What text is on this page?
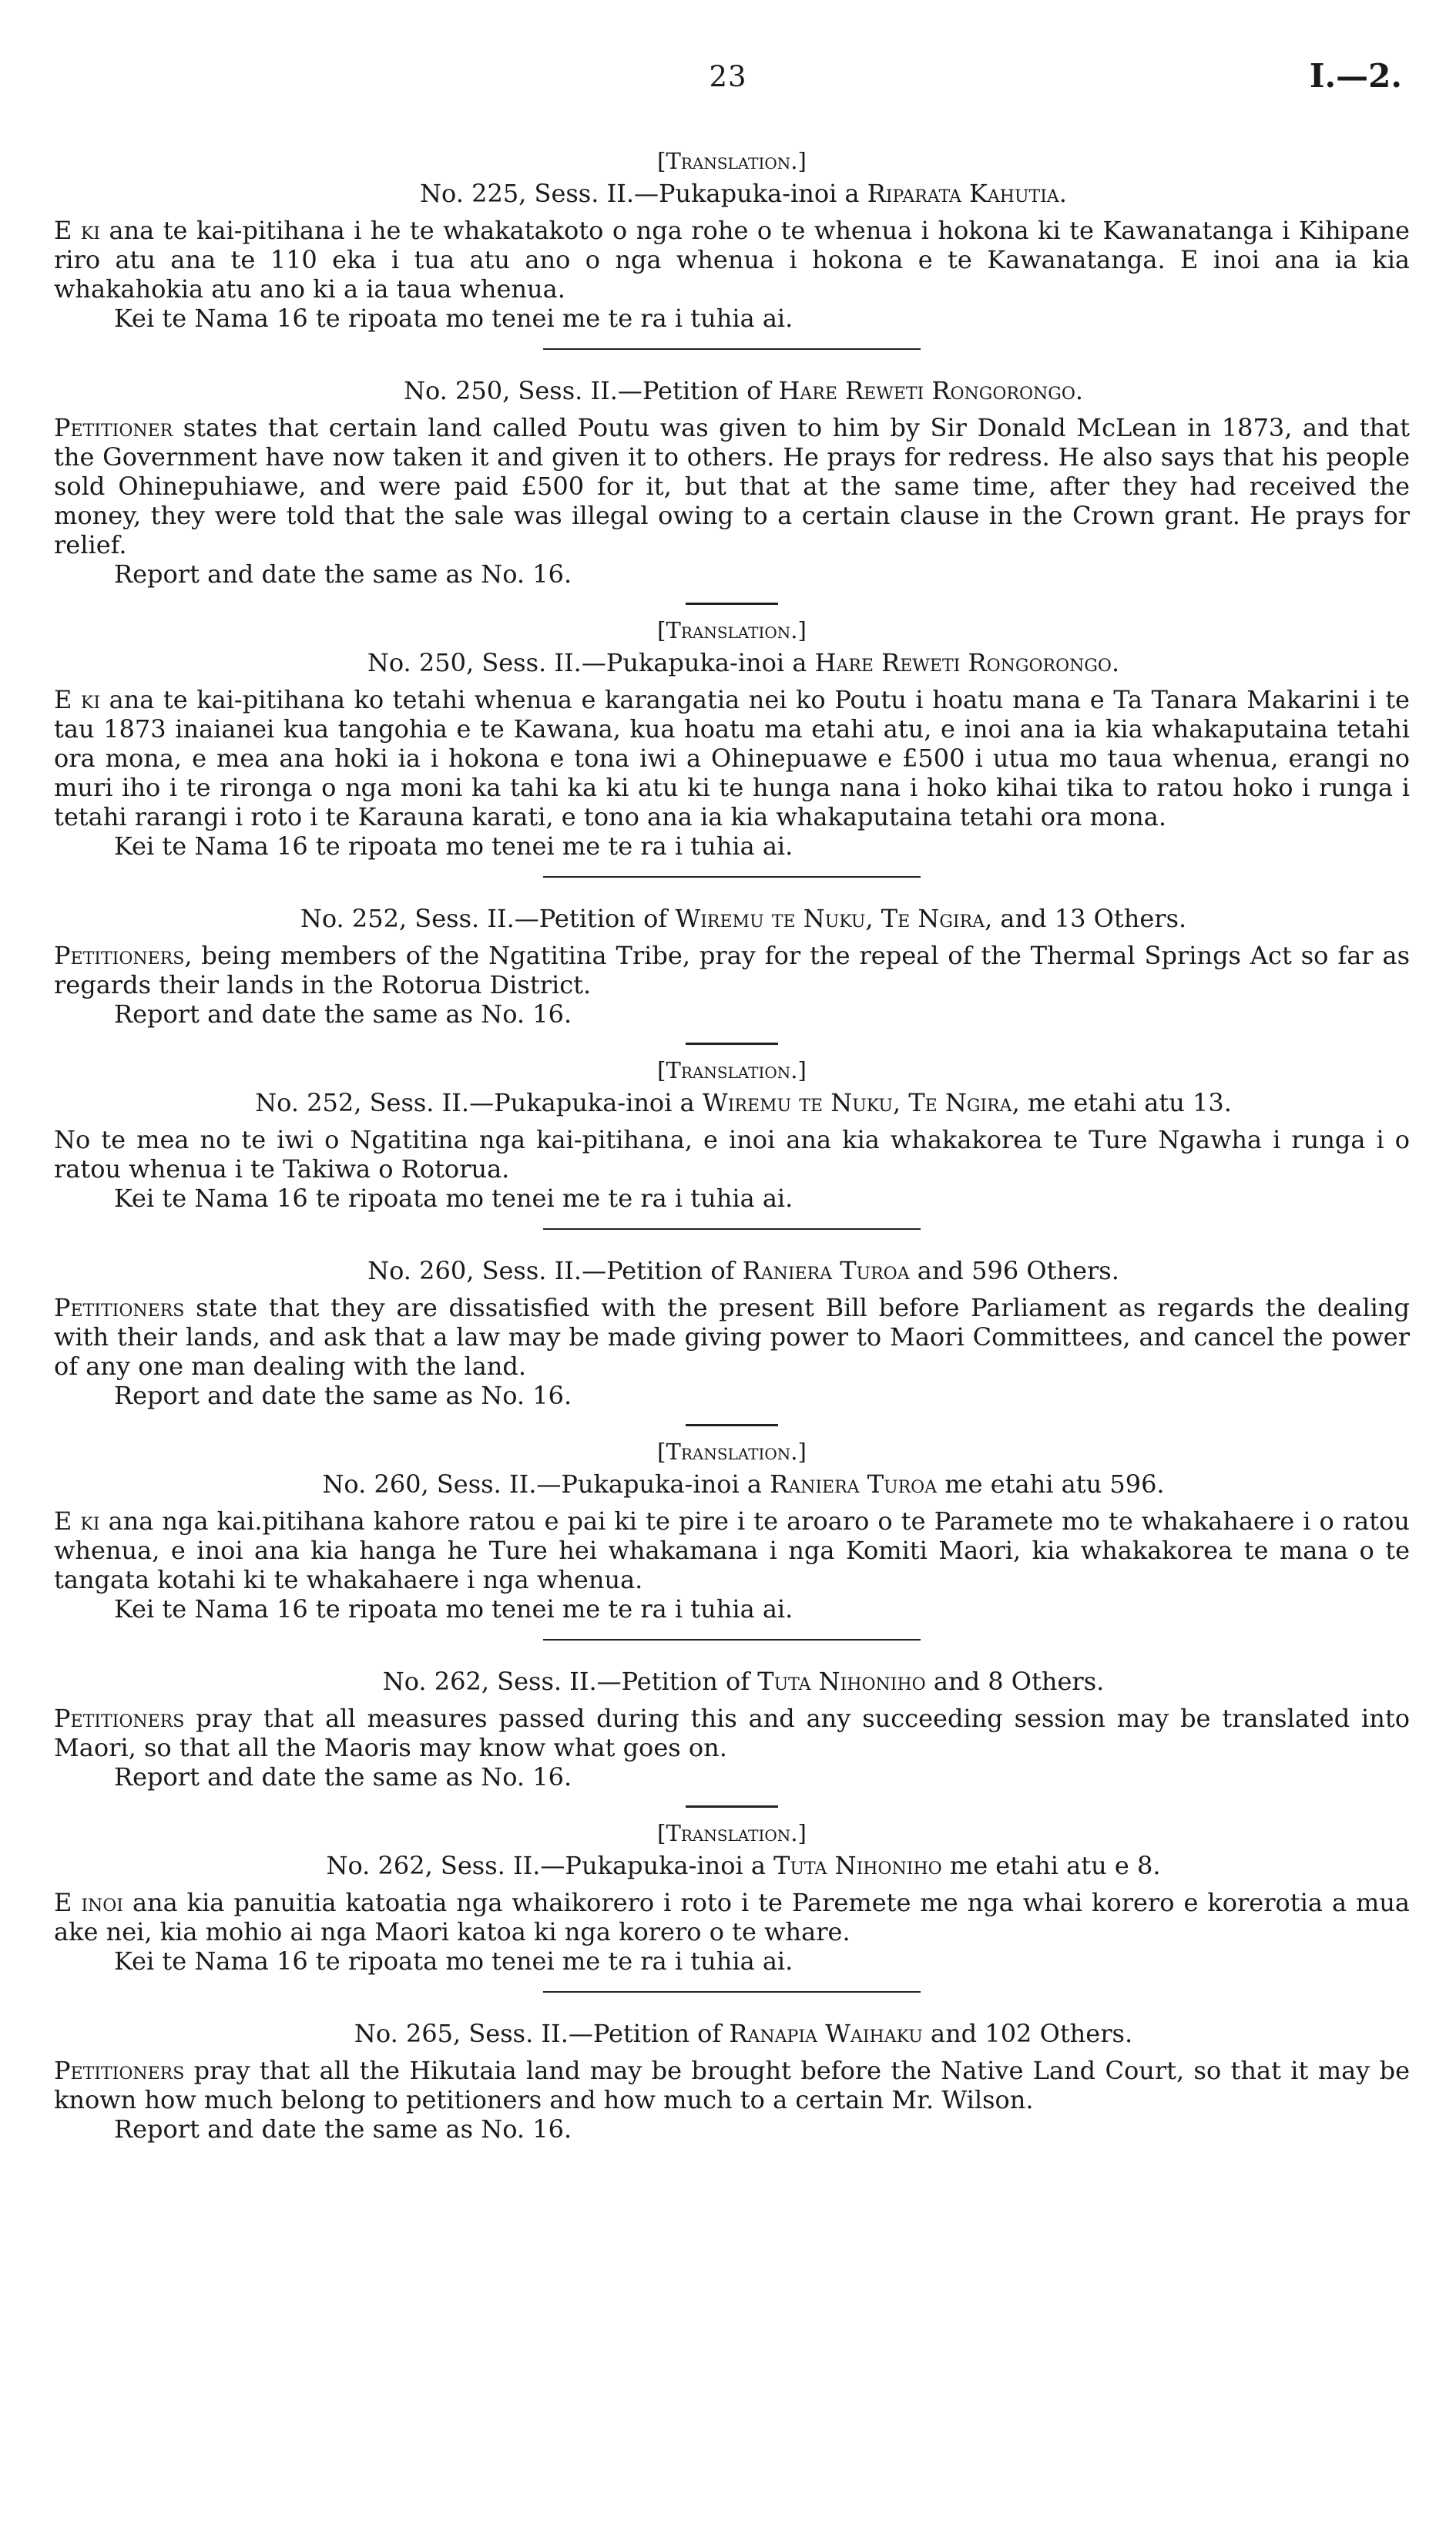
23	I.—2.

[Translation.]

No. 225, Sess. II.—Pukapuka-inoi a Riparata Kahutia.

E ki ana te kai-pitihana i he te whakatakoto o nga rohe o te whenua i hokona ki te Kawanatanga i Kihipane riro atu ana te 110 eka i tua atu ano o nga whenua i hokona e te Kawanatanga. E inoi ana ia kia whakahokia atu ano ki a ia taua whenua.

Kei te Nama 16 te ripoata mo tenei me te ra i tuhia ai.

No. 250, Sess. II.—Petition of Hare Reweti Rongorongo.

Petitioner states that certain land called Poutu was given to him by Sir Donald McLean in 1873, and that the Government have now taken it and given it to others. He prays for redress. He also says that his people sold Ohinepuhiawe, and were paid £500 for it, but that at the same time, after they had received the money, they were told that the sale was illegal owing to a certain clause in the Crown grant. He prays for relief.

Report and date the same as No. 16.

[Translation.]

No. 250, Sess. II.—Pukapuka-inoi a Hare Reweti Rongorongo.

E ki ana te kai-pitihana ko tetahi whenua e karangatia nei ko Poutu i hoatu mana e Ta Tanara Makarini i te tau 1873 inaianei kua tangohia e te Kawana, kua hoatu ma etahi atu, e inoi ana ia kia whakaputaina tetahi ora mona, e mea ana hoki ia i hokona e tona iwi a Ohinepuawe e £500 i utua mo taua whenua, erangi no muri iho i te rironga o nga moni ka tahi ka ki atu ki te hunga nana i hoko kihai tika to ratou hoko i runga i tetahi rarangi i roto i te Karauna karati, e tono ana ia kia whakaputaina tetahi ora mona.

Kei te Nama 16 te ripoata mo tenei me te ra i tuhia ai.

No. 252, Sess. II.—Petition of Wiremu te Nuku, Te Ngira, and 13 Others.

Petitioners, being members of the Ngatitina Tribe, pray for the repeal of the Thermal Springs Act so far as regards their lands in the Rotorua District.

Report and date the same as No. 16.

[Translation.]

No. 252, Sess. II.—Pukapuka-inoi a Wiremu te Nuku, Te Ngira, me etahi atu 13.

No te mea no te iwi o Ngatitina nga kai-pitihana, e inoi ana kia whakakorea te Ture Ngawha i runga i o ratou whenua i te Takiwa o Rotorua.

Kei te Nama 16 te ripoata mo tenei me te ra i tuhia ai.

No. 260, Sess. II.—Petition of Raniera Turoa and 596 Others.

Petitioners state that they are dissatisfied with the present Bill before Parliament as regards the dealing with their lands, and ask that a law may be made giving power to Maori Committees, and cancel the power of any one man dealing with the land.

Report and date the same as No. 16.

[Translation.]

No. 260, Sess. II.—Pukapuka-inoi a Raniera Turoa me etahi atu 596.

E ki ana nga kai.pitihana kahore ratou e pai ki te pire i te aroaro o te Paramete mo te whakahaere i o ratou whenua, e inoi ana kia hanga he Ture hei whakamana i nga Komiti Maori, kia whakakorea te mana o te tangata kotahi ki te whakahaere i nga whenua.

Kei te Nama 16 te ripoata mo tenei me te ra i tuhia ai.

No. 262, Sess. II.—Petition of Tuta Nihoniho and 8 Others.

Petitioners pray that all measures passed during this and any succeeding session may be translated into Maori, so that all the Maoris may know what goes on.

Report and date the same as No. 16.

[Translation.]

No. 262, Sess. II.—Pukapuka-inoi a Tuta Nihoniho me etahi atu e 8.

E inoi ana kia panuitia katoatia nga whaikorero i roto i te Paremete me nga whai korero e korerotia a mua ake nei, kia mohio ai nga Maori katoa ki nga korero o te whare.

Kei te Nama 16 te ripoata mo tenei me te ra i tuhia ai.

No. 265, Sess. II.—Petition of Ranapia Waihaku and 102 Others.

Petitioners pray that all the Hikutaia land may be brought before the Native Land Court, so that it may be known how much belong to petitioners and how much to a certain Mr. Wilson.

Report and date the same as No. 16.
